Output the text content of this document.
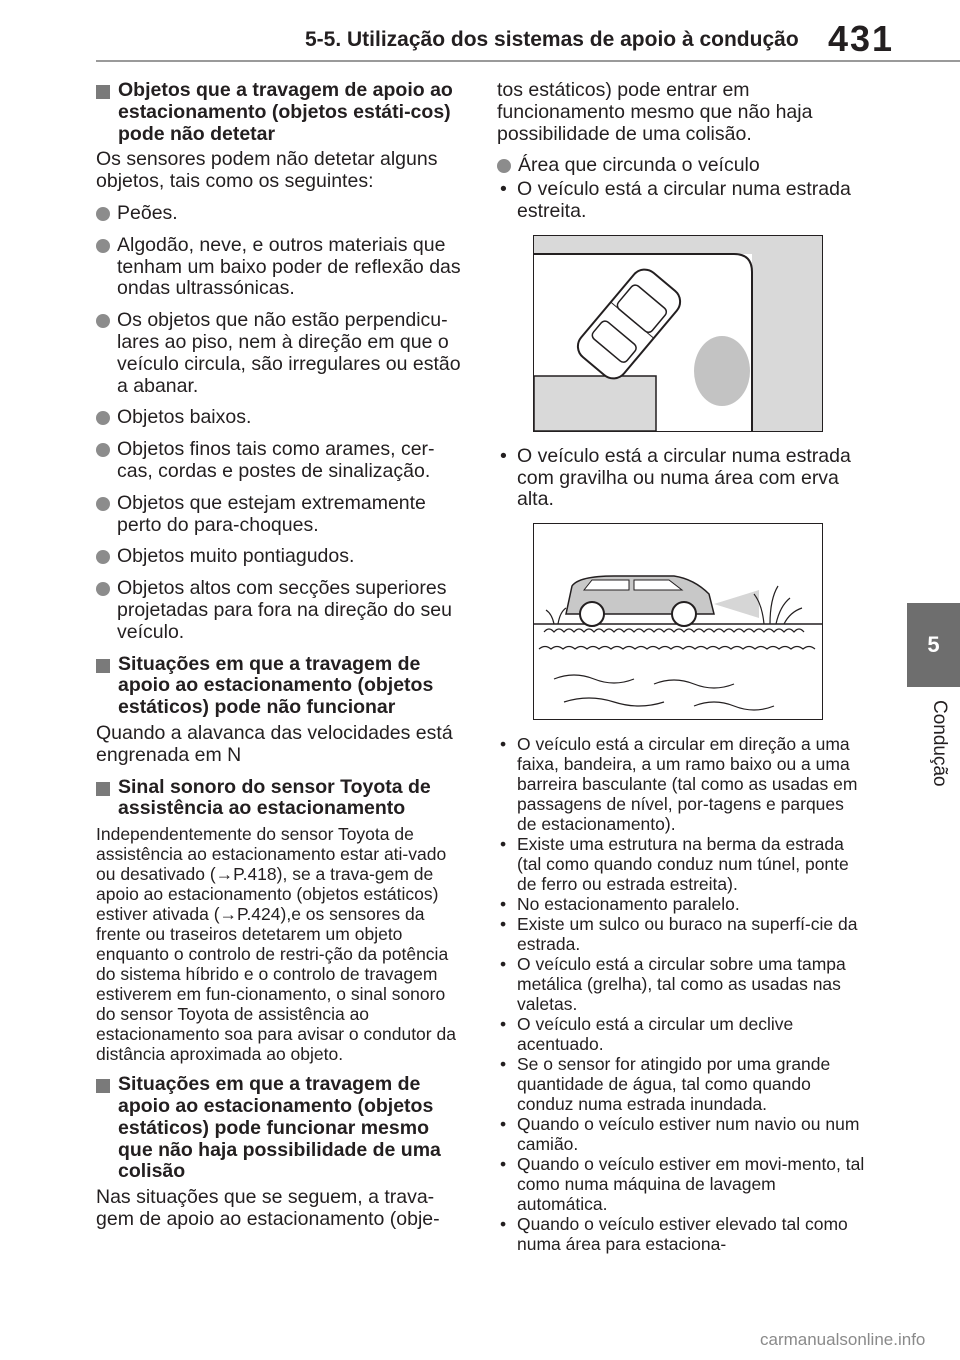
5-5. Utilização dos sistemas de apoio à condução 431
5
Condução
Objetos que a travagem de apoio ao estacionamento (objetos estáti-cos) pode não detetar
Os sensores podem não detetar alguns objetos, tais como os seguintes:
Peões.
Algodão, neve, e outros materiais que tenham um baixo poder de reflexão das ondas ultrassónicas.
Os objetos que não estão perpendicu-lares ao piso, nem à direção em que o veículo circula, são irregulares ou estão a abanar.
Objetos baixos.
Objetos finos tais como arames, cer-cas, cordas e postes de sinalização.
Objetos que estejam extremamente perto do para-choques.
Objetos muito pontiagudos.
Objetos altos com secções superiores projetadas para fora na direção do seu veículo.
Situações em que a travagem de apoio ao estacionamento (objetos estáticos) pode não funcionar
Quando a alavanca das velocidades está engrenada em N
Sinal sonoro do sensor Toyota de assistência ao estacionamento
Independentemente do sensor Toyota de assistência ao estacionamento estar ati-vado ou desativado (→P.418), se a trava-gem de apoio ao estacionamento (objetos estáticos) estiver ativada (→P.424),e os sensores da frente ou traseiros detetarem um objeto enquanto o controlo de restri-ção da potência do sistema híbrido e o controlo de travagem estiverem em fun-cionamento, o sinal sonoro do sensor Toyota de assistência ao estacionamento soa para avisar o condutor da distância aproximada ao objeto.
Situações em que a travagem de apoio ao estacionamento (objetos estáticos) pode funcionar mesmo que não haja possibilidade de uma colisão
Nas situações que se seguem, a trava-gem de apoio ao estacionamento (obje-
tos estáticos) pode entrar em funcionamento mesmo que não haja possibilidade de uma colisão.
Área que circunda o veículo
• O veículo está a circular numa estrada estreita.
• O veículo está a circular numa estrada com gravilha ou numa área com erva alta.
• O veículo está a circular em direção a uma faixa, bandeira, a um ramo baixo ou a uma barreira basculante (tal como as usadas em passagens de nível, por-tagens e parques de estacionamento).
• Existe uma estrutura na berma da estrada (tal como quando conduz num túnel, ponte de ferro ou estrada estreita).
• No estacionamento paralelo.
• Existe um sulco ou buraco na superfí-cie da estrada.
• O veículo está a circular sobre uma tampa metálica (grelha), tal como as usadas nas valetas.
• O veículo está a circular um declive acentuado.
• Se o sensor for atingido por uma grande quantidade de água, tal como quando conduz numa estrada inundada.
• Quando o veículo estiver num navio ou num camião.
• Quando o veículo estiver em movi-mento, tal como numa máquina de lavagem automática.
• Quando o veículo estiver elevado tal como numa área para estaciona-
carmanualsonline.info
